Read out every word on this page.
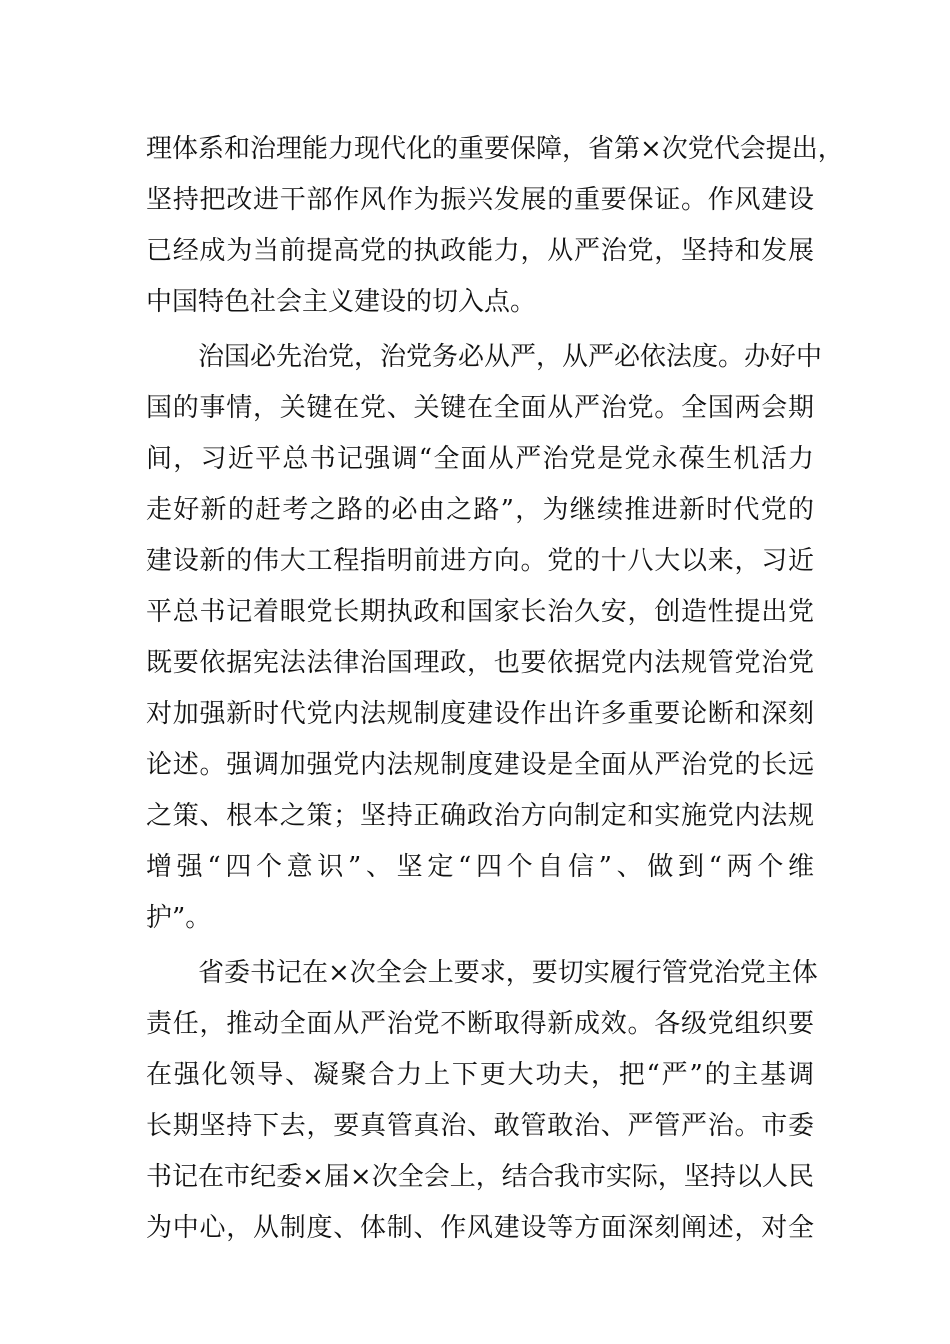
理体系和治理能力现代化的重要保障，省第×次党代会提出，
坚持把改进干部作风作为振兴发展的重要保证。作风建设
已经成为当前提高党的执政能力，从严治党，坚持和发展
中国特色社会主义建设的切入点。
治国必先治党，治党务必从严，从严必依法度。办好中
国的事情，关键在党、关键在全面从严治党。全国两会期
间，习近平总书记强调“全面从严治党是党永葆生机活力
走好新的赶考之路的必由之路”，为继续推进新时代党的
建设新的伟大工程指明前进方向。党的十八大以来，习近
平总书记着眼党长期执政和国家长治久安，创造性提出党
既要依据宪法法律治国理政，也要依据党内法规管党治党
对加强新时代党内法规制度建设作出许多重要论断和深刻
论述。强调加强党内法规制度建设是全面从严治党的长远
之策、根本之策；坚持正确政治方向制定和实施党内法规
增强“四个意识”、坚定“四个自信”、做到“两个维
护”。
省委书记在×次全会上要求，要切实履行管党治党主体
责任，推动全面从严治党不断取得新成效。各级党组织要
在强化领导、凝聚合力上下更大功夫，把“严”的主基调
长期坚持下去，要真管真治、敢管敢治、严管严治。市委
书记在市纪委×届×次全会上，结合我市实际，坚持以人民
为中心，从制度、体制、作风建设等方面深刻阐述，对全
